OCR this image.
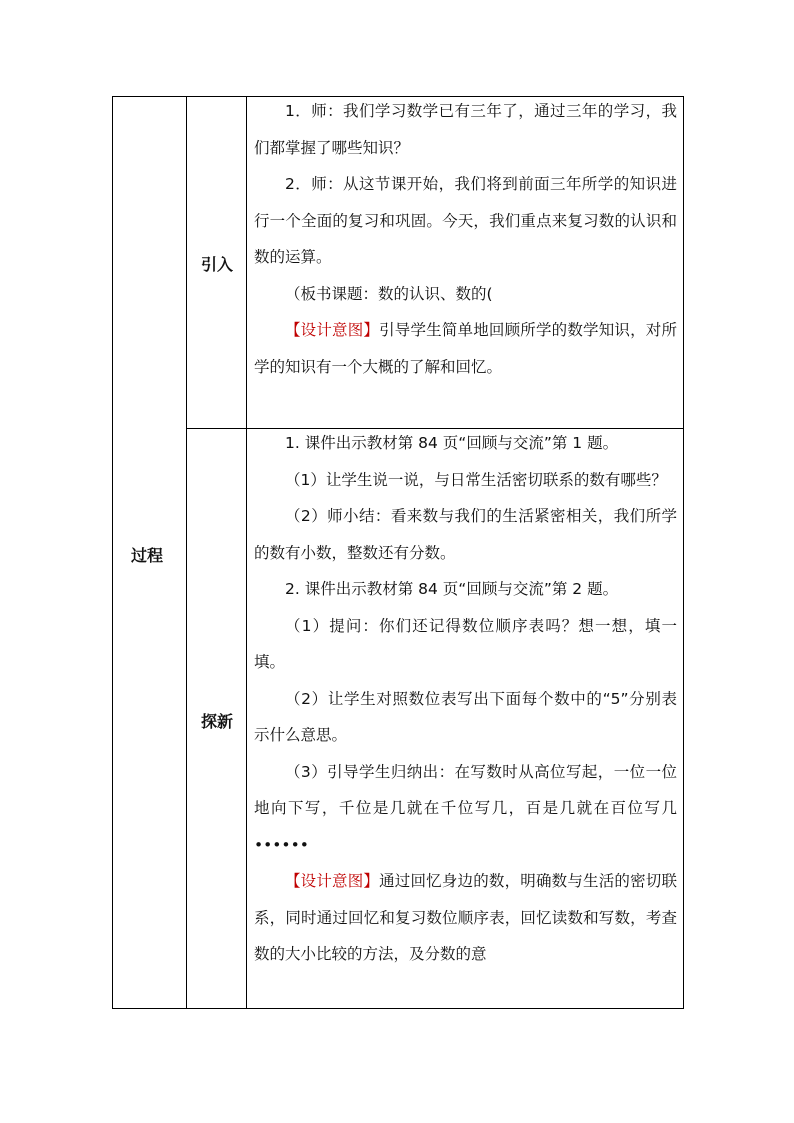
过程
引入
探新

1．师：我们学习数学已有三年了，通过三年的学习，我们都掌握了哪些知识？

2．师：从这节课开始，我们将到前面三年所学的知识进行一个全面的复习和巩固。今天，我们重点来复习数的认识和数的运算。

（板书课题：数的认识、数的(

【设计意图】引导学生简单地回顾所学的数学知识，对所学的知识有一个大概的了解和回忆。

1. 课件出示教材第 84 页“回顾与交流”第 1 题。

（1）让学生说一说，与日常生活密切联系的数有哪些？

（2）师小结：看来数与我们的生活紧密相关，我们所学的数有小数，整数还有分数。

2. 课件出示教材第 84 页“回顾与交流”第 2 题。

（1）提问：你们还记得数位顺序表吗？想一想，填一填。

（2）让学生对照数位表写出下面每个数中的“5”分别表示什么意思。

（3）引导学生归纳出：在写数时从高位写起，一位一位地向下写，千位是几就在千位写几，百是几就在百位写几••••••

【设计意图】通过回忆身边的数，明确数与生活的密切联系，同时通过回忆和复习数位顺序表，回忆读数和写数，考查数的大小比较的方法，及分数的意
